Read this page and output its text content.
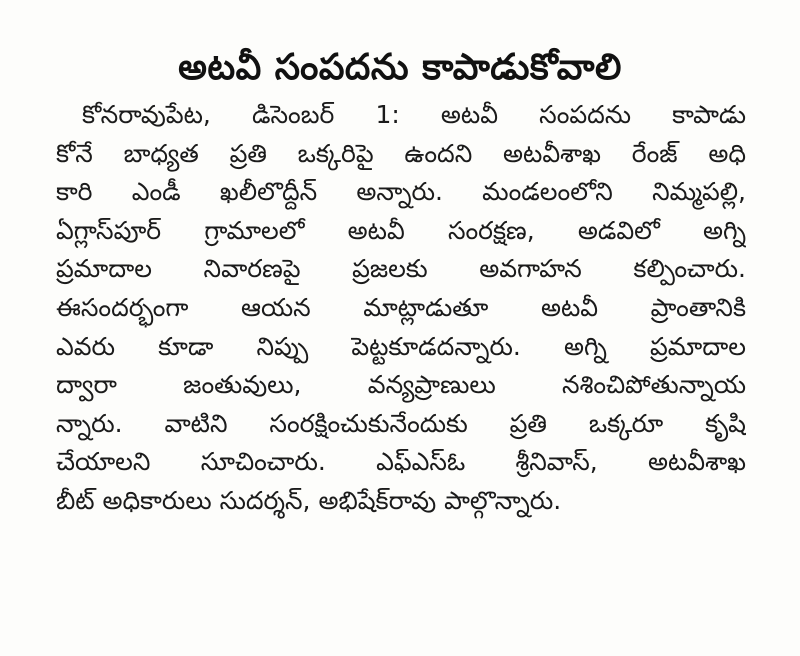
అటవీ సంపదను కాపాడుకోవాలి
కోనరావుపేట, డిసెంబర్ 1: అటవీ సంపదను కాపాడు
కోనే బాధ్యత ప్రతి ఒక్కరిపై ఉందని అటవీశాఖ రేంజ్ అధి
కారి ఎండీ ఖలీలొద్దీన్ అన్నారు. మండలంలోని నిమ్మపల్లి,
ఏగ్లాస్‌పూర్ గ్రామాలలో అటవీ సంరక్షణ, అడవిలో అగ్ని
ప్రమాదాల నివారణపై ప్రజలకు అవగాహన కల్పించారు.
ఈసందర్భంగా ఆయన మాట్లాడుతూ అటవీ ప్రాంతానికి
ఎవరు కూడా నిప్పు పెట్టకూడదన్నారు. అగ్ని ప్రమాదాల
ద్వారా జంతువులు, వన్యప్రాణులు నశించిపోతున్నాయ
న్నారు. వాటిని సంరక్షించుకునేందుకు ప్రతి ఒక్కరూ కృషి
చేయాలని సూచించారు. ఎఫ్ఎస్ఓ శ్రీనివాస్, అటవీశాఖ
బీట్ అధికారులు సుదర్శన్, అభిషేక్‌రావు పాల్గొన్నారు.
